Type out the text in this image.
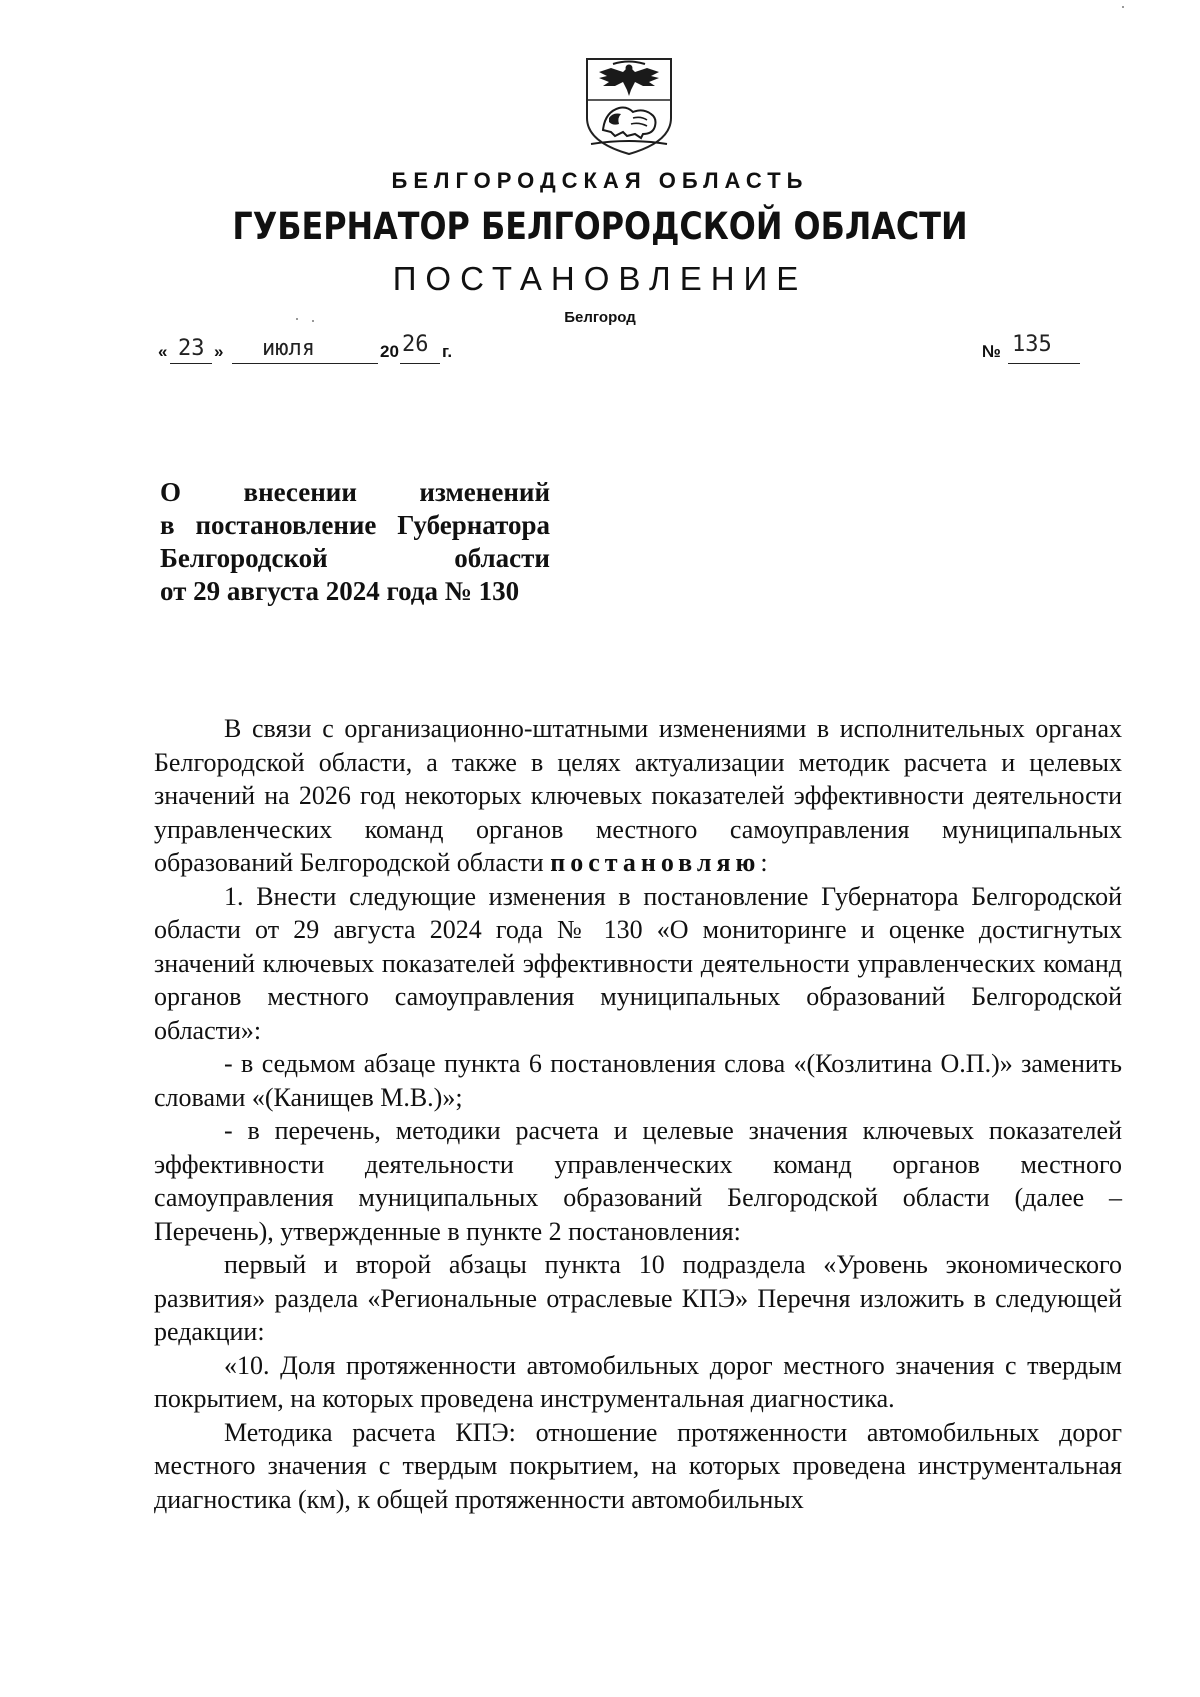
БЕЛГОРОДСКАЯ ОБЛАСТЬ
ГУБЕРНАТОР БЕЛГОРОДСКОЙ ОБЛАСТИ
ПОСТАНОВЛЕНИЕ
Белгород
« 23 » июля	20 26 г.	№ 135
О внесении изменений
в постановление Губернатора
Белгородской области
от 29 августа 2024 года № 130

В связи с организационно-штатными изменениями в исполнительных органах Белгородской области, а также в целях актуализации методик расчета и целевых значений на 2026 год некоторых ключевых показателей эффективности деятельности управленческих команд органов местного самоуправления муниципальных образований Белгородской области постановляю:

1. Внести следующие изменения в постановление Губернатора Белгородской области от 29 августа 2024 года № 130 «О мониторинге и оценке достигнутых значений ключевых показателей эффективности деятельности управленческих команд органов местного самоуправления муниципальных образований Белгородской области»:

- в седьмом абзаце пункта 6 постановления слова «(Козлитина О.П.)» заменить словами «(Канищев М.В.)»;

- в перечень, методики расчета и целевые значения ключевых показателей эффективности деятельности управленческих команд органов местного самоуправления муниципальных образований Белгородской области (далее – Перечень), утвержденные в пункте 2 постановления:

первый и второй абзацы пункта 10 подраздела «Уровень экономического развития» раздела «Региональные отраслевые КПЭ» Перечня изложить в следующей редакции:

«10. Доля протяженности автомобильных дорог местного значения с твердым покрытием, на которых проведена инструментальная диагностика.

Методика расчета КПЭ: отношение протяженности автомобильных дорог местного значения с твердым покрытием, на которых проведена инструментальная диагностика (км), к общей протяженности автомобильных
